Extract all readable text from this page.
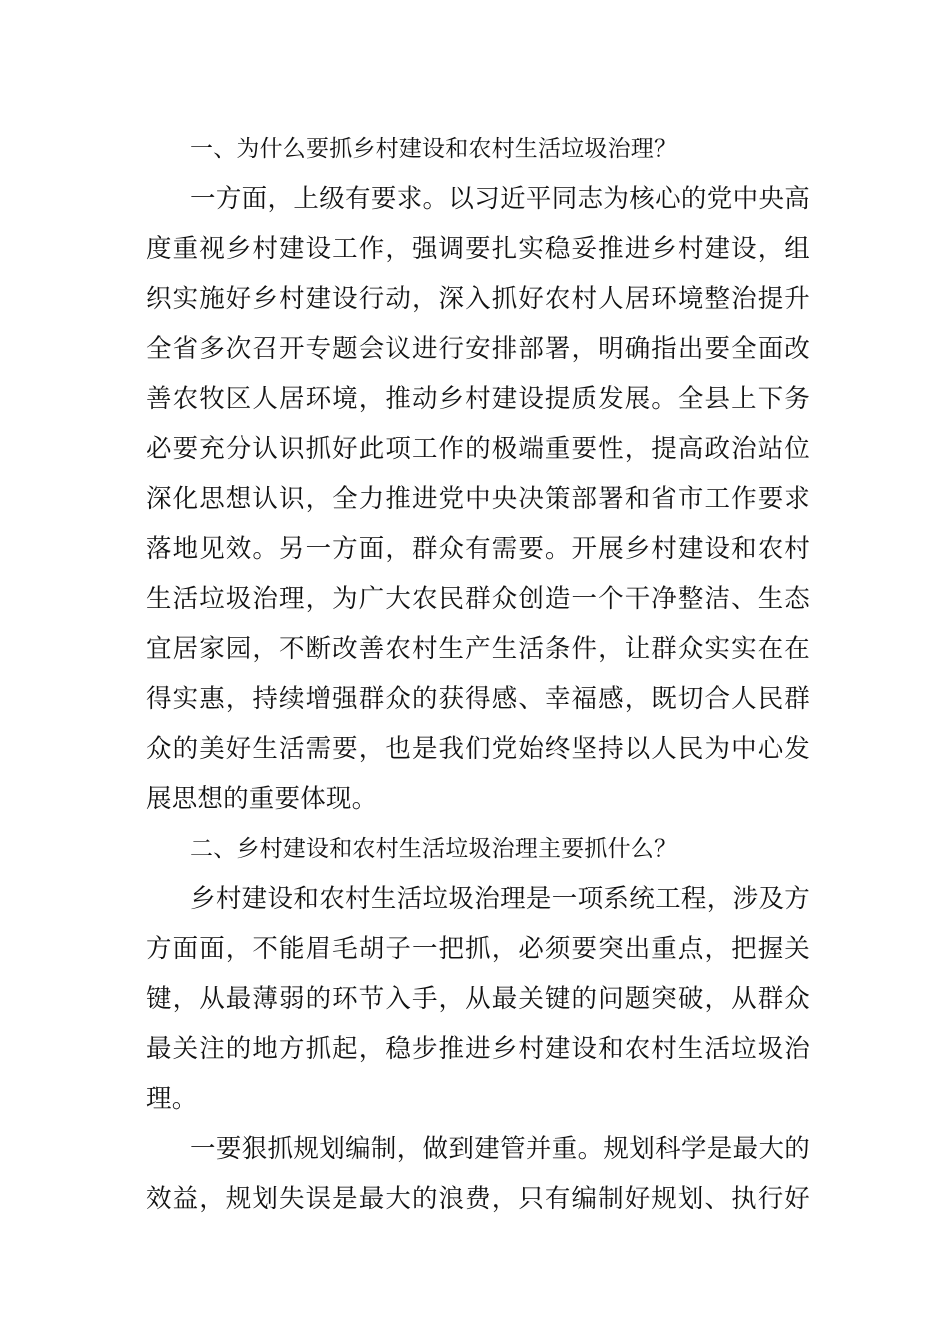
一、为什么要抓乡村建设和农村生活垃圾治理？
一方面，上级有要求。以习近平同志为核心的党中央高
度重视乡村建设工作，强调要扎实稳妥推进乡村建设，组
织实施好乡村建设行动，深入抓好农村人居环境整治提升
全省多次召开专题会议进行安排部署，明确指出要全面改
善农牧区人居环境，推动乡村建设提质发展。全县上下务
必要充分认识抓好此项工作的极端重要性，提高政治站位
深化思想认识，全力推进党中央决策部署和省市工作要求
落地见效。另一方面，群众有需要。开展乡村建设和农村
生活垃圾治理，为广大农民群众创造一个干净整洁、生态
宜居家园，不断改善农村生产生活条件，让群众实实在在
得实惠，持续增强群众的获得感、幸福感，既切合人民群
众的美好生活需要，也是我们党始终坚持以人民为中心发
展思想的重要体现。
二、乡村建设和农村生活垃圾治理主要抓什么？
乡村建设和农村生活垃圾治理是一项系统工程，涉及方
方面面，不能眉毛胡子一把抓，必须要突出重点，把握关
键，从最薄弱的环节入手，从最关键的问题突破，从群众
最关注的地方抓起，稳步推进乡村建设和农村生活垃圾治
理。
一要狠抓规划编制，做到建管并重。规划科学是最大的
效益，规划失误是最大的浪费，只有编制好规划、执行好
